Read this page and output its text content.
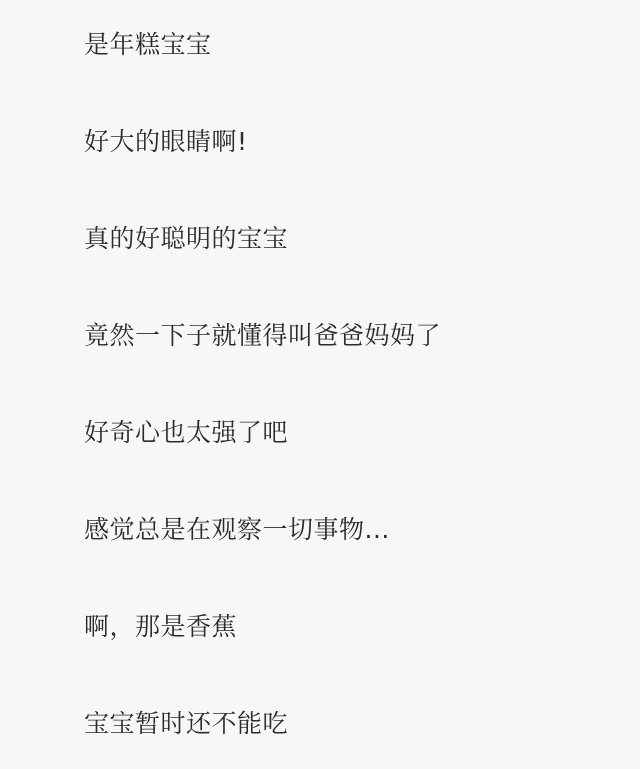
是年糕宝宝

好大的眼睛啊!

真的好聪明的宝宝

竟然一下子就懂得叫爸爸妈妈了

好奇心也太强了吧

感觉总是在观察一切事物...

啊，那是香蕉

宝宝暂时还不能吃
